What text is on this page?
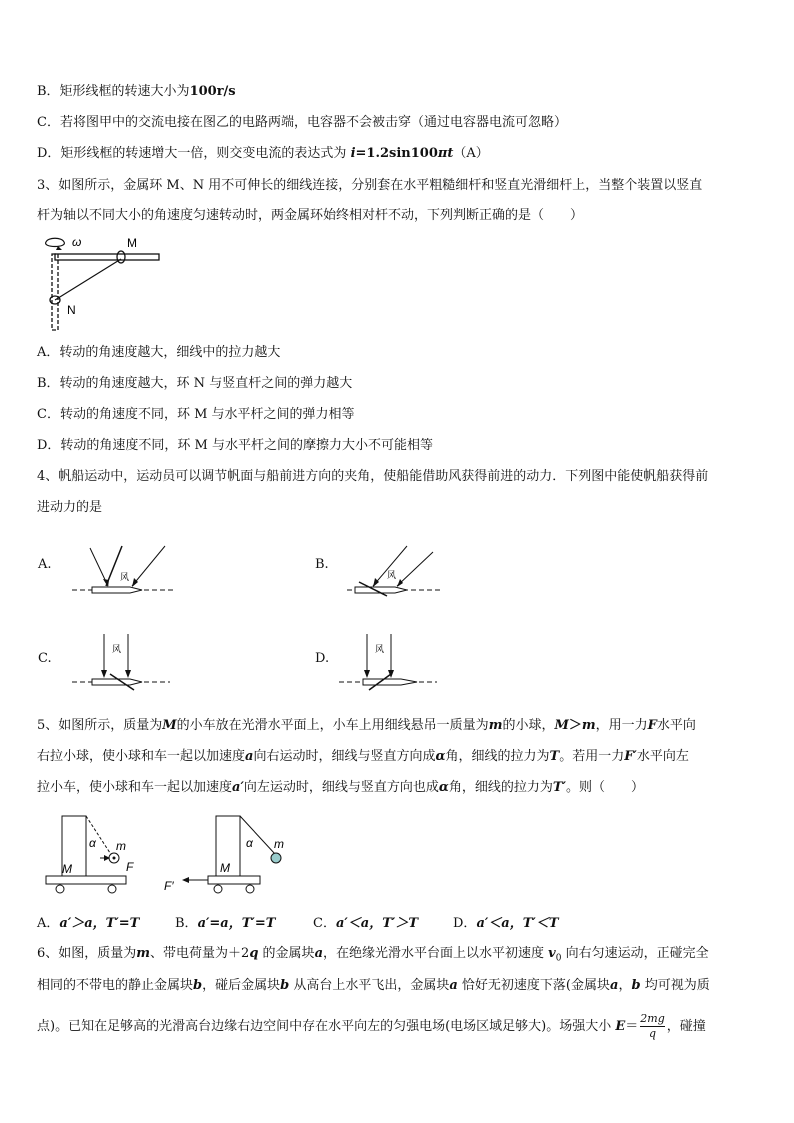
B．矩形线框的转速大小为100r/s
C．若将图甲中的交流电接在图乙的电路两端，电容器不会被击穿（通过电容器电流可忽略）
D．矩形线框的转速增大一倍，则交变电流的表达式为 i=1.2sin100πt（A）
3、如图所示，金属环 M、N 用不可伸长的细线连接，分别套在水平粗糙细杆和竖直光滑细杆上，当整个装置以竖直
杆为轴以不同大小的角速度匀速转动时，两金属环始终相对杆不动，下列判断正确的是（　　）
ω	M
N
A．转动的角速度越大，细线中的拉力越大
B．转动的角速度越大，环 N 与竖直杆之间的弹力越大
C．转动的角速度不同，环 M 与水平杆之间的弹力相等
D．转动的角速度不同，环 M 与水平杆之间的摩擦力大小不可能相等
4、帆船运动中，运动员可以调节帆面与船前进方向的夹角，使船能借助风获得前进的动力．下列图中能使帆船获得前
进动力的是
A.
风
B.
风
C.
风
D.
风
5、如图所示，质量为M的小车放在光滑水平面上，小车上用细线悬吊一质量为m的小球，M＞m，用一力F水平向
右拉小球，使小球和车一起以加速度a向右运动时，细线与竖直方向成α角，细线的拉力为T。若用一力F′水平向左
拉小车，使小球和车一起以加速度a′向左运动时，细线与竖直方向也成α角，细线的拉力为T′。则（　　）
α m
F
M
α m
M
F′
A．a′＞a，T′=T	B．a′=a，T′=T	C．a′＜a，T′＞T	D．a′＜a，T′＜T
6、如图，质量为m、带电荷量为＋2q 的金属块a，在绝缘光滑水平台面上以水平初速度 $v_0$ 向右匀速运动，正碰完全
相同的不带电的静止金属块b，碰后金属块b 从高台上水平飞出，金属块a 恰好无初速度下落(金属块a，b 均可视为质
点)。已知在足够高的光滑高台边缘右边空间中存在水平向左的匀强电场(电场区域足够大)。场强大小 $E= \frac{2mg}{q}$ ，碰撞
